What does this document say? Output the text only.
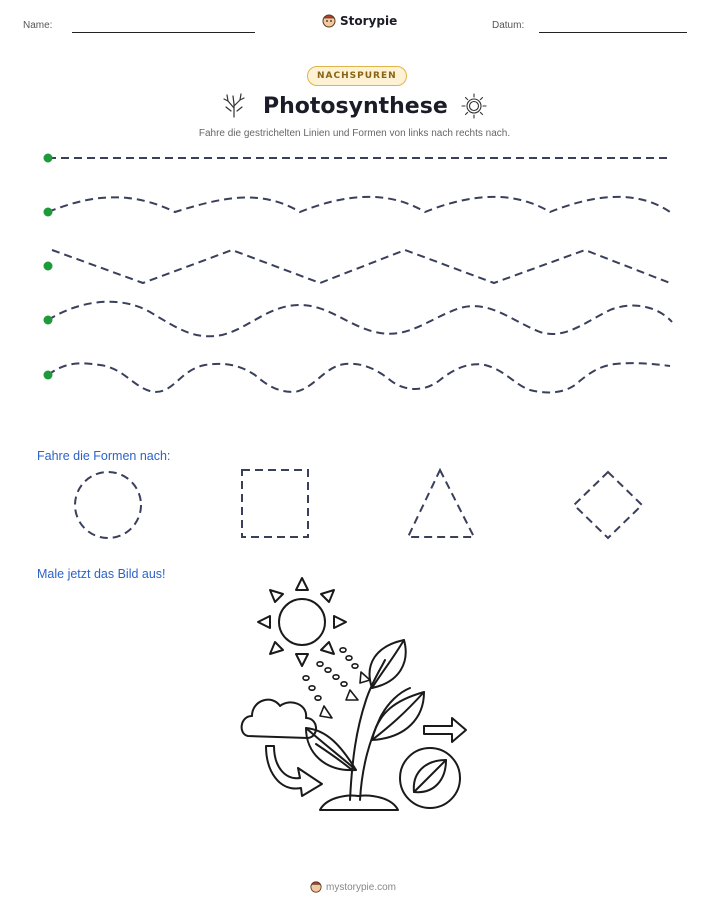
Name:	Storypie	Datum:
NACHSPUREN
Photosynthese
Fahre die gestrichelten Linien und Formen von links nach rechts nach.
Fahre die Formen nach:
Male jetzt das Bild aus!
mystorypie.com
